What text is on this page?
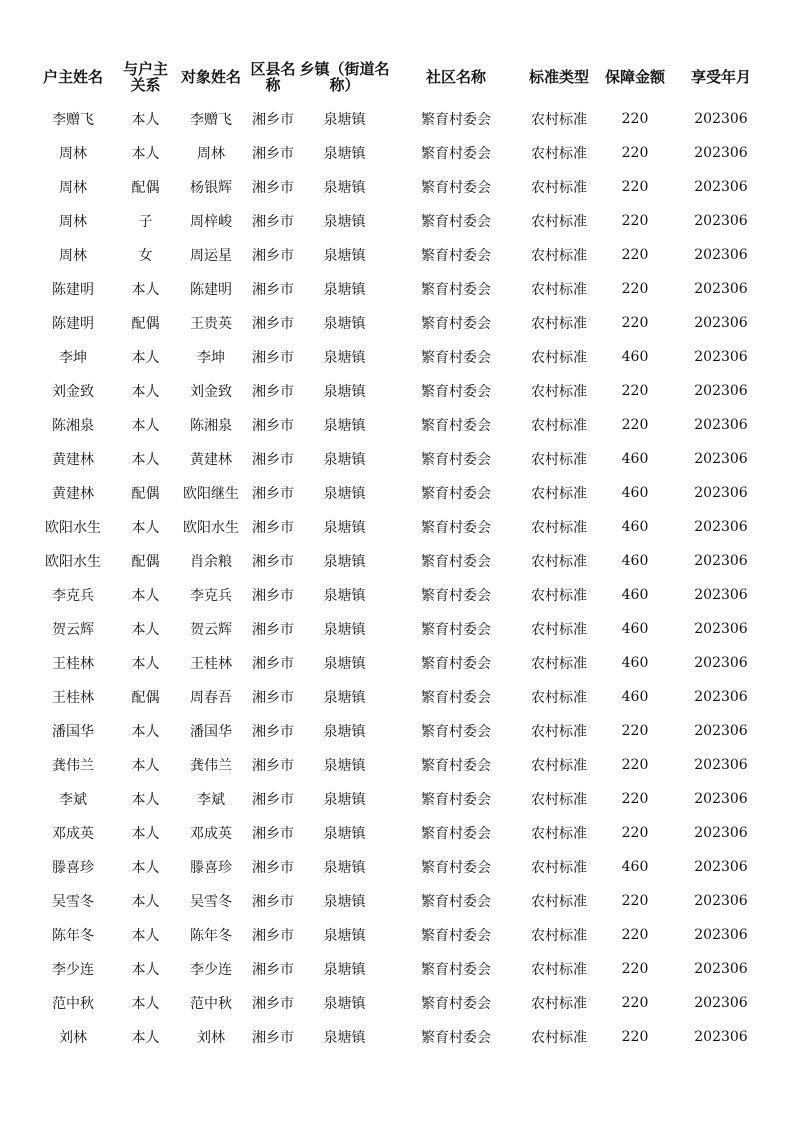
户主姓名	与户主关系	对象姓名	区县名称	乡镇（街道名称）	社区名称	标准类型	保障金额	享受年月
李赠飞	本人	李赠飞	湘乡市	泉塘镇	繁育村委会	农村标准	220	202306
周林	本人	周林	湘乡市	泉塘镇	繁育村委会	农村标准	220	202306
周林	配偶	杨银辉	湘乡市	泉塘镇	繁育村委会	农村标准	220	202306
周林	子	周梓峻	湘乡市	泉塘镇	繁育村委会	农村标准	220	202306
周林	女	周运星	湘乡市	泉塘镇	繁育村委会	农村标准	220	202306
陈建明	本人	陈建明	湘乡市	泉塘镇	繁育村委会	农村标准	220	202306
陈建明	配偶	王贵英	湘乡市	泉塘镇	繁育村委会	农村标准	220	202306
李坤	本人	李坤	湘乡市	泉塘镇	繁育村委会	农村标准	460	202306
刘金致	本人	刘金致	湘乡市	泉塘镇	繁育村委会	农村标准	220	202306
陈湘泉	本人	陈湘泉	湘乡市	泉塘镇	繁育村委会	农村标准	220	202306
黄建林	本人	黄建林	湘乡市	泉塘镇	繁育村委会	农村标准	460	202306
黄建林	配偶	欧阳继生	湘乡市	泉塘镇	繁育村委会	农村标准	460	202306
欧阳水生	本人	欧阳水生	湘乡市	泉塘镇	繁育村委会	农村标准	460	202306
欧阳水生	配偶	肖余粮	湘乡市	泉塘镇	繁育村委会	农村标准	460	202306
李克兵	本人	李克兵	湘乡市	泉塘镇	繁育村委会	农村标准	460	202306
贺云辉	本人	贺云辉	湘乡市	泉塘镇	繁育村委会	农村标准	460	202306
王桂林	本人	王桂林	湘乡市	泉塘镇	繁育村委会	农村标准	460	202306
王桂林	配偶	周春吾	湘乡市	泉塘镇	繁育村委会	农村标准	460	202306
潘国华	本人	潘国华	湘乡市	泉塘镇	繁育村委会	农村标准	220	202306
龚伟兰	本人	龚伟兰	湘乡市	泉塘镇	繁育村委会	农村标准	220	202306
李斌	本人	李斌	湘乡市	泉塘镇	繁育村委会	农村标准	220	202306
邓成英	本人	邓成英	湘乡市	泉塘镇	繁育村委会	农村标准	220	202306
滕喜珍	本人	滕喜珍	湘乡市	泉塘镇	繁育村委会	农村标准	460	202306
吴雪冬	本人	吴雪冬	湘乡市	泉塘镇	繁育村委会	农村标准	220	202306
陈年冬	本人	陈年冬	湘乡市	泉塘镇	繁育村委会	农村标准	220	202306
李少连	本人	李少连	湘乡市	泉塘镇	繁育村委会	农村标准	220	202306
范中秋	本人	范中秋	湘乡市	泉塘镇	繁育村委会	农村标准	220	202306
刘林	本人	刘林	湘乡市	泉塘镇	繁育村委会	农村标准	220	202306
